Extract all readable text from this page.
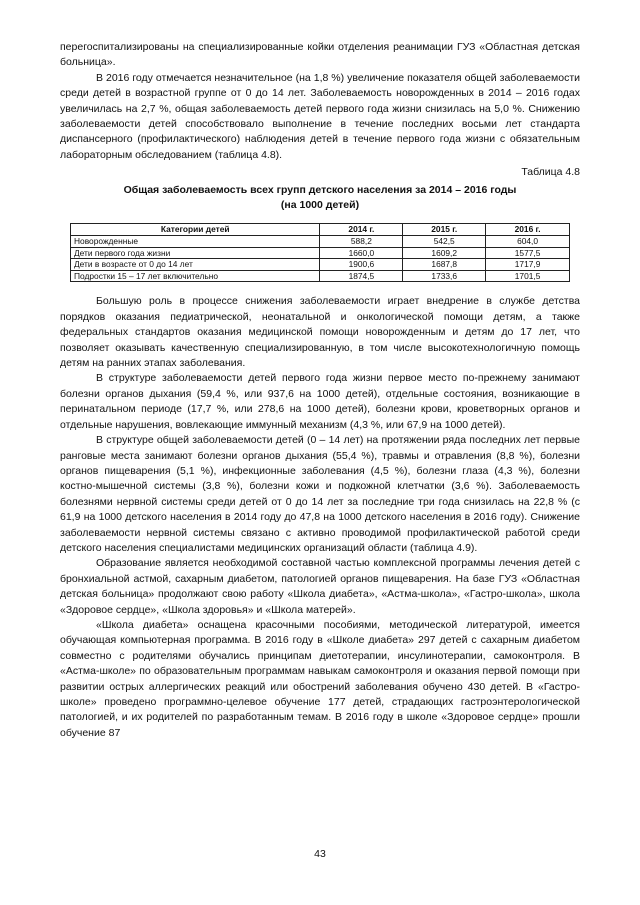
перегоспитализированы на специализированные койки отделения реанимации ГУЗ «Областная детская больница».

В 2016 году отмечается незначительное (на 1,8 %) увеличение показателя общей заболеваемости среди детей в возрастной группе от 0 до 14 лет. Заболеваемость новорожденных в 2014 – 2016 годах увеличилась на 2,7 %, общая заболеваемость детей первого года жизни снизилась на 5,0 %. Снижению заболеваемости детей способствовало выполнение в течение последних восьми лет стандарта диспансерного (профилактического) наблюдения детей в течение первого года жизни с обязательным лабораторным обследованием (таблица 4.8).

Таблица 4.8
Общая заболеваемость всех групп детского населения за 2014 – 2016 годы
(на 1000 детей)
Категории детей	2014 г.	2015 г.	2016 г.
Новорожденные	588,2	542,5	604,0
Дети первого года жизни	1660,0	1609,2	1577,5
Дети в возрасте от 0 до 14 лет	1900,6	1687,8	1717,9
Подростки 15 – 17 лет включительно	1874,5	1733,6	1701,5

Большую роль в процессе снижения заболеваемости играет внедрение в службе детства порядков оказания педиатрической, неонатальной и онкологической помощи детям, а также федеральных стандартов оказания медицинской помощи новорожденным и детям до 17 лет, что позволяет оказывать качественную специализированную, в том числе высокотехнологичную помощь детям на ранних этапах заболевания.

В структуре заболеваемости детей первого года жизни первое место по-прежнему занимают болезни органов дыхания (59,4 %, или 937,6 на 1000 детей), отдельные состояния, возникающие в перинатальном периоде (17,7 %, или 278,6 на 1000 детей), болезни крови, кроветворных органов и отдельные нарушения, вовлекающие иммунный механизм (4,3 %, или 67,9 на 1000 детей).

В структуре общей заболеваемости детей (0 – 14 лет) на протяжении ряда последних лет первые ранговые места занимают болезни органов дыхания (55,4 %), травмы и отравления (8,8 %), болезни органов пищеварения (5,1 %), инфекционные заболевания (4,5 %), болезни глаза (4,3 %), болезни костно-мышечной системы (3,8 %), болезни кожи и подкожной клетчатки (3,6 %). Заболеваемость болезнями нервной системы среди детей от 0 до 14 лет за последние три года снизилась на 22,8 % (с 61,9 на 1000 детского населения в 2014 году до 47,8 на 1000 детского населения в 2016 году). Снижение заболеваемости нервной системы связано с активно проводимой профилактической работой среди детского населения специалистами медицинских организаций области (таблица 4.9).

Образование является необходимой составной частью комплексной программы лечения детей с бронхиальной астмой, сахарным диабетом, патологией органов пищеварения. На базе ГУЗ «Областная детская больница» продолжают свою работу «Школа диабета», «Астма-школа», «Гастро-школа», школа «Здоровое сердце», «Школа здоровья» и «Школа матерей».

«Школа диабета» оснащена красочными пособиями, методической литературой, имеется обучающая компьютерная программа. В 2016 году в «Школе диабета» 297 детей с сахарным диабетом совместно с родителями обучались принципам диетотерапии, инсулинотерапии, самоконтроля. В «Астма-школе» по образовательным программам навыкам самоконтроля и оказания первой помощи при развитии острых аллергических реакций или обострений заболевания обучено 430 детей. В «Гастро-школе» проведено программно-целевое обучение 177 детей, страдающих гастроэнтерологической патологией, и их родителей по разработанным темам. В 2016 году в школе «Здоровое сердце» прошли обучение 87

43
